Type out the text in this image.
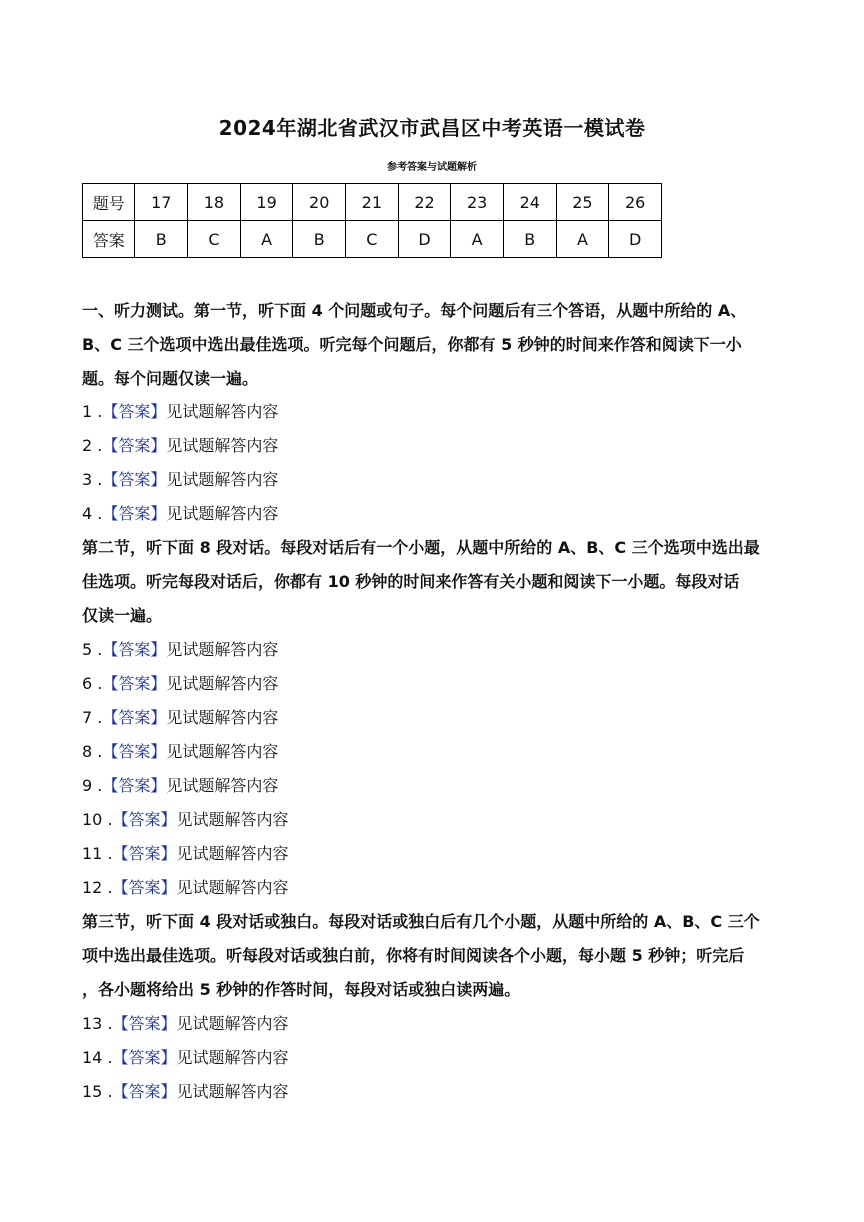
2024年湖北省武汉市武昌区中考英语一模试卷
参考答案与试题解析
题号	17	18	19	20	21	22	23	24	25	26
答案	B	C	A	B	C	D	A	B	A	D
一、听力测试。第一节，听下面 4 个问题或句子。每个问题后有三个答语，从题中所给的 A、
B、C 三个选项中选出最佳选项。听完每个问题后，你都有 5 秒钟的时间来作答和阅读下一小
题。每个问题仅读一遍。
1 .【答案】见试题解答内容
2 .【答案】见试题解答内容
3 .【答案】见试题解答内容
4 .【答案】见试题解答内容
第二节，听下面 8 段对话。每段对话后有一个小题，从题中所给的 A、B、C 三个选项中选出最
佳选项。听完每段对话后，你都有 10 秒钟的时间来作答有关小题和阅读下一小题。每段对话
仅读一遍。
5 .【答案】见试题解答内容
6 .【答案】见试题解答内容
7 .【答案】见试题解答内容
8 .【答案】见试题解答内容
9 .【答案】见试题解答内容
10 .【答案】见试题解答内容
11 .【答案】见试题解答内容
12 .【答案】见试题解答内容
第三节，听下面 4 段对话或独白。每段对话或独白后有几个小题，从题中所给的 A、B、C 三个
项中选出最佳选项。听每段对话或独白前，你将有时间阅读各个小题，每小题 5 秒钟；听完后
，各小题将给出 5 秒钟的作答时间，每段对话或独白读两遍。
13 .【答案】见试题解答内容
14 .【答案】见试题解答内容
15 .【答案】见试题解答内容
